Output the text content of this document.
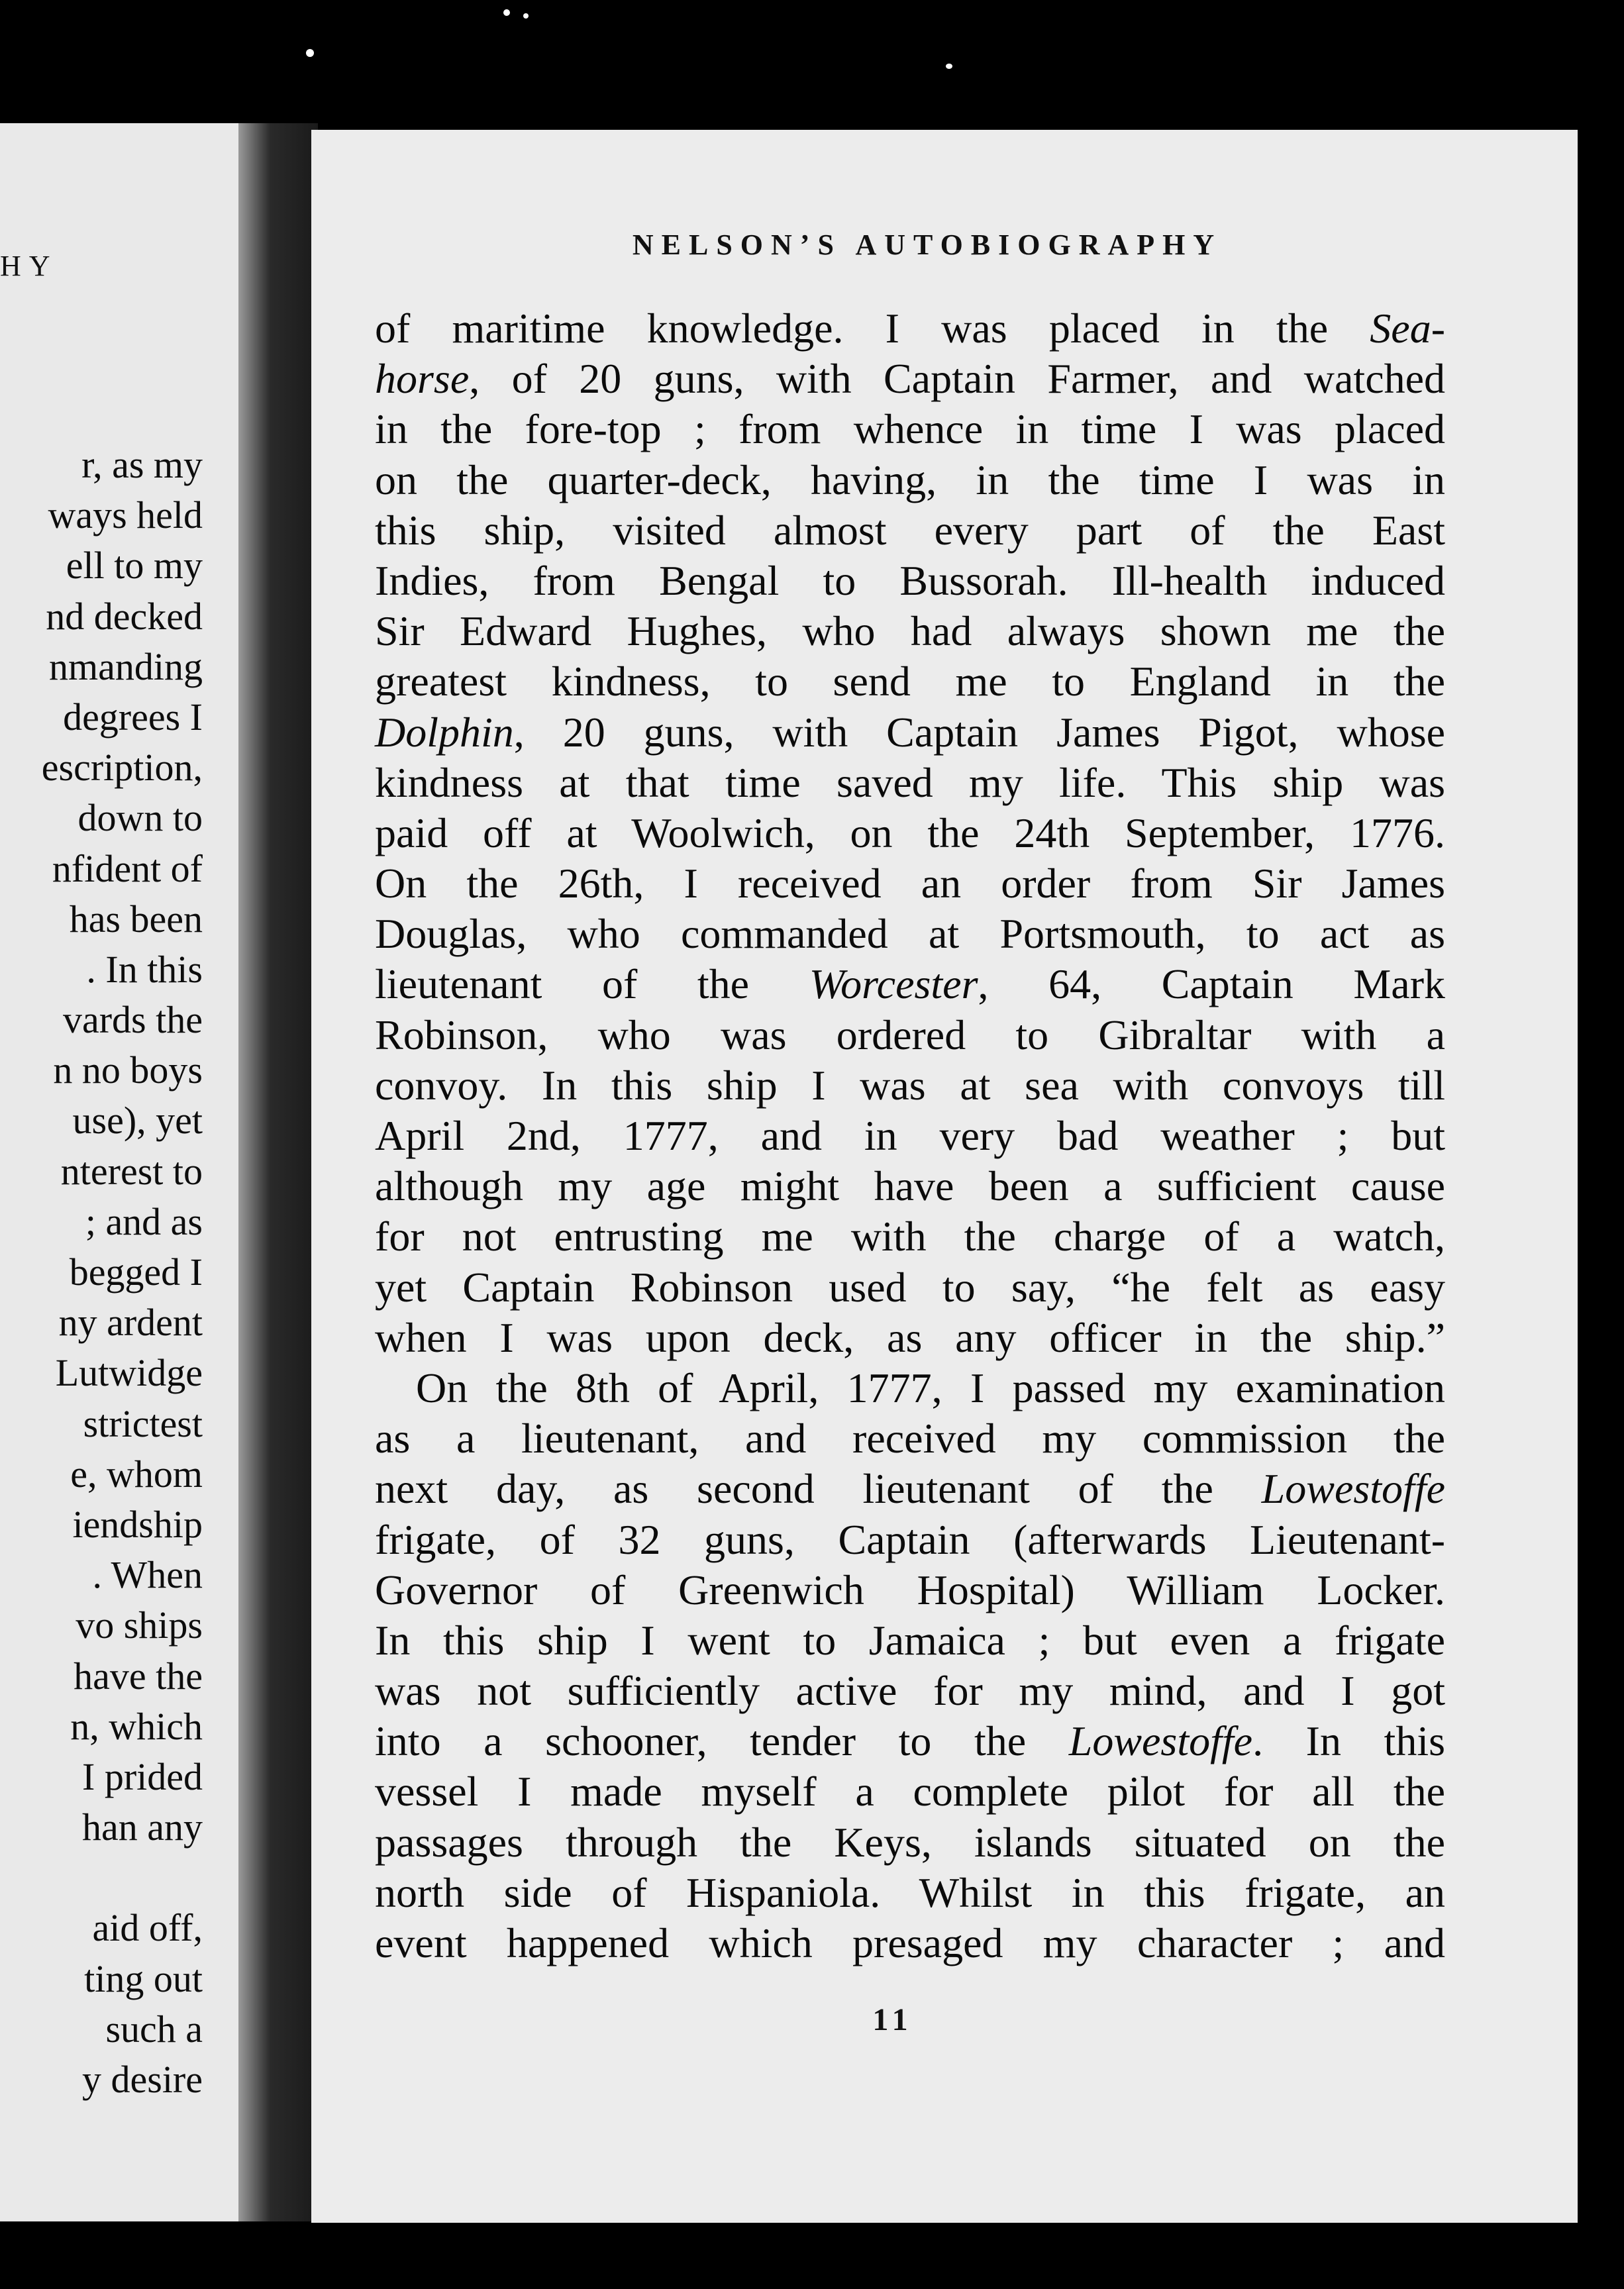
HY
r, as my
ways held
ell to my
nd decked
nmanding
degrees I
escription,
down to
nfident of
has been
. In this
vards the
n no boys
use), yet
nterest to
; and as
begged I
ny ardent
Lutwidge
strictest
e, whom
iendship
. When
vo ships
have the
n, which
I prided
han any
aid off,
ting out
such a
y desire
NELSON’S AUTOBIOGRAPHY
of maritime knowledge. I was placed in the Sea-
horse, of 20 guns, with Captain Farmer, and watched
in the fore-top ; from whence in time I was placed
on the quarter-deck, having, in the time I was in
this ship, visited almost every part of the East
Indies, from Bengal to Bussorah. Ill-health induced
Sir Edward Hughes, who had always shown me the
greatest kindness, to send me to England in the
Dolphin, 20 guns, with Captain James Pigot, whose
kindness at that time saved my life. This ship was
paid off at Woolwich, on the 24th September, 1776.
On the 26th, I received an order from Sir James
Douglas, who commanded at Portsmouth, to act as
lieutenant of the Worcester, 64, Captain Mark
Robinson, who was ordered to Gibraltar with a
convoy. In this ship I was at sea with convoys till
April 2nd, 1777, and in very bad weather ; but
although my age might have been a sufficient cause
for not entrusting me with the charge of a watch,
yet Captain Robinson used to say, “he felt as easy
when I was upon deck, as any officer in the ship.”
On the 8th of April, 1777, I passed my examination
as a lieutenant, and received my commission the
next day, as second lieutenant of the Lowestoffe
frigate, of 32 guns, Captain (afterwards Lieutenant-
Governor of Greenwich Hospital) William Locker.
In this ship I went to Jamaica ; but even a frigate
was not sufficiently active for my mind, and I got
into a schooner, tender to the Lowestoffe. In this
vessel I made myself a complete pilot for all the
passages through the Keys, islands situated on the
north side of Hispaniola. Whilst in this frigate, an
event happened which presaged my character ; and
11
